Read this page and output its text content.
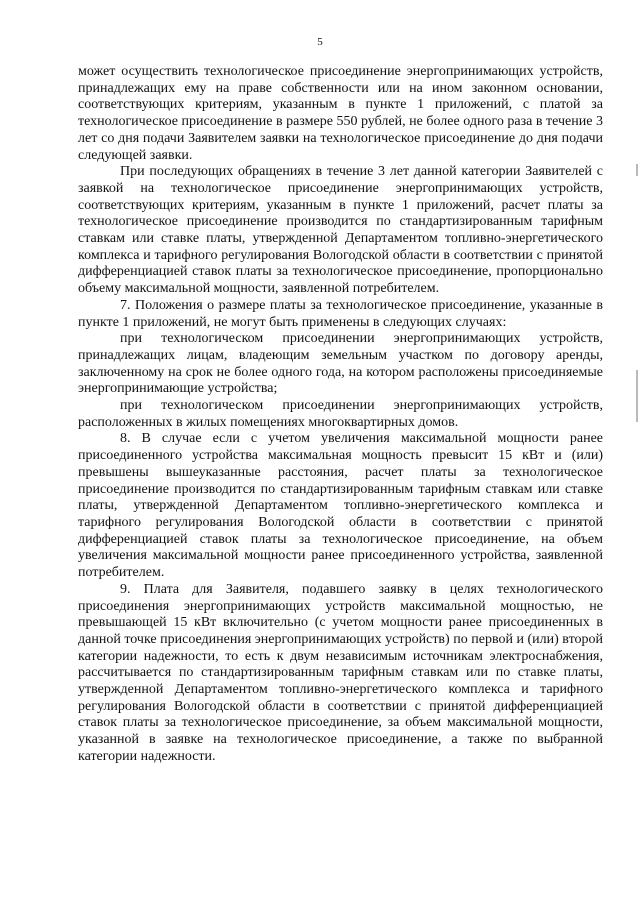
5

может осуществить технологическое присоединение энергопринимающих устройств, принадлежащих ему на праве собственности или на ином законном основании, соответствующих критериям, указанным в пункте 1 приложений, с платой за технологическое присоединение в размере 550 рублей, не более одного раза в течение 3 лет со дня подачи Заявителем заявки на технологическое присоединение до дня подачи следующей заявки.

При последующих обращениях в течение 3 лет данной категории Заявителей с заявкой на технологическое присоединение энергопринимающих устройств, соответствующих критериям, указанным в пункте 1 приложений, расчет платы за технологическое присоединение производится по стандартизированным тарифным ставкам или ставке платы, утвержденной Департаментом топливно-энергетического комплекса и тарифного регулирования Вологодской области в соответствии с принятой дифференциацией ставок платы за технологическое присоединение, пропорционально объему максимальной мощности, заявленной потребителем.

7. Положения о размере платы за технологическое присоединение, указанные в пункте 1 приложений, не могут быть применены в следующих случаях:

при технологическом присоединении энергопринимающих устройств, принадлежащих лицам, владеющим земельным участком по договору аренды, заключенному на срок не более одного года, на котором расположены присоединяемые энергопринимающие устройства;

при технологическом присоединении энергопринимающих устройств, расположенных в жилых помещениях многоквартирных домов.

8. В случае если с учетом увеличения максимальной мощности ранее присоединенного устройства максимальная мощность превысит 15 кВт и (или) превышены вышеуказанные расстояния, расчет платы за технологическое присоединение производится по стандартизированным тарифным ставкам или ставке платы, утвержденной Департаментом топливно-энергетического комплекса и тарифного регулирования Вологодской области в соответствии с принятой дифференциацией ставок платы за технологическое присоединение, на объем увеличения максимальной мощности ранее присоединенного устройства, заявленной потребителем.

9. Плата для Заявителя, подавшего заявку в целях технологического присоединения энергопринимающих устройств максимальной мощностью, не превышающей 15 кВт включительно (с учетом мощности ранее присоединенных в данной точке присоединения энергопринимающих устройств) по первой и (или) второй категории надежности, то есть к двум независимым источникам электроснабжения, рассчитывается по стандартизированным тарифным ставкам или по ставке платы, утвержденной Департаментом топливно-энергетического комплекса и тарифного регулирования Вологодской области в соответствии с принятой дифференциацией ставок платы за технологическое присоединение, за объем максимальной мощности, указанной в заявке на технологическое присоединение, а также по выбранной категории надежности.
